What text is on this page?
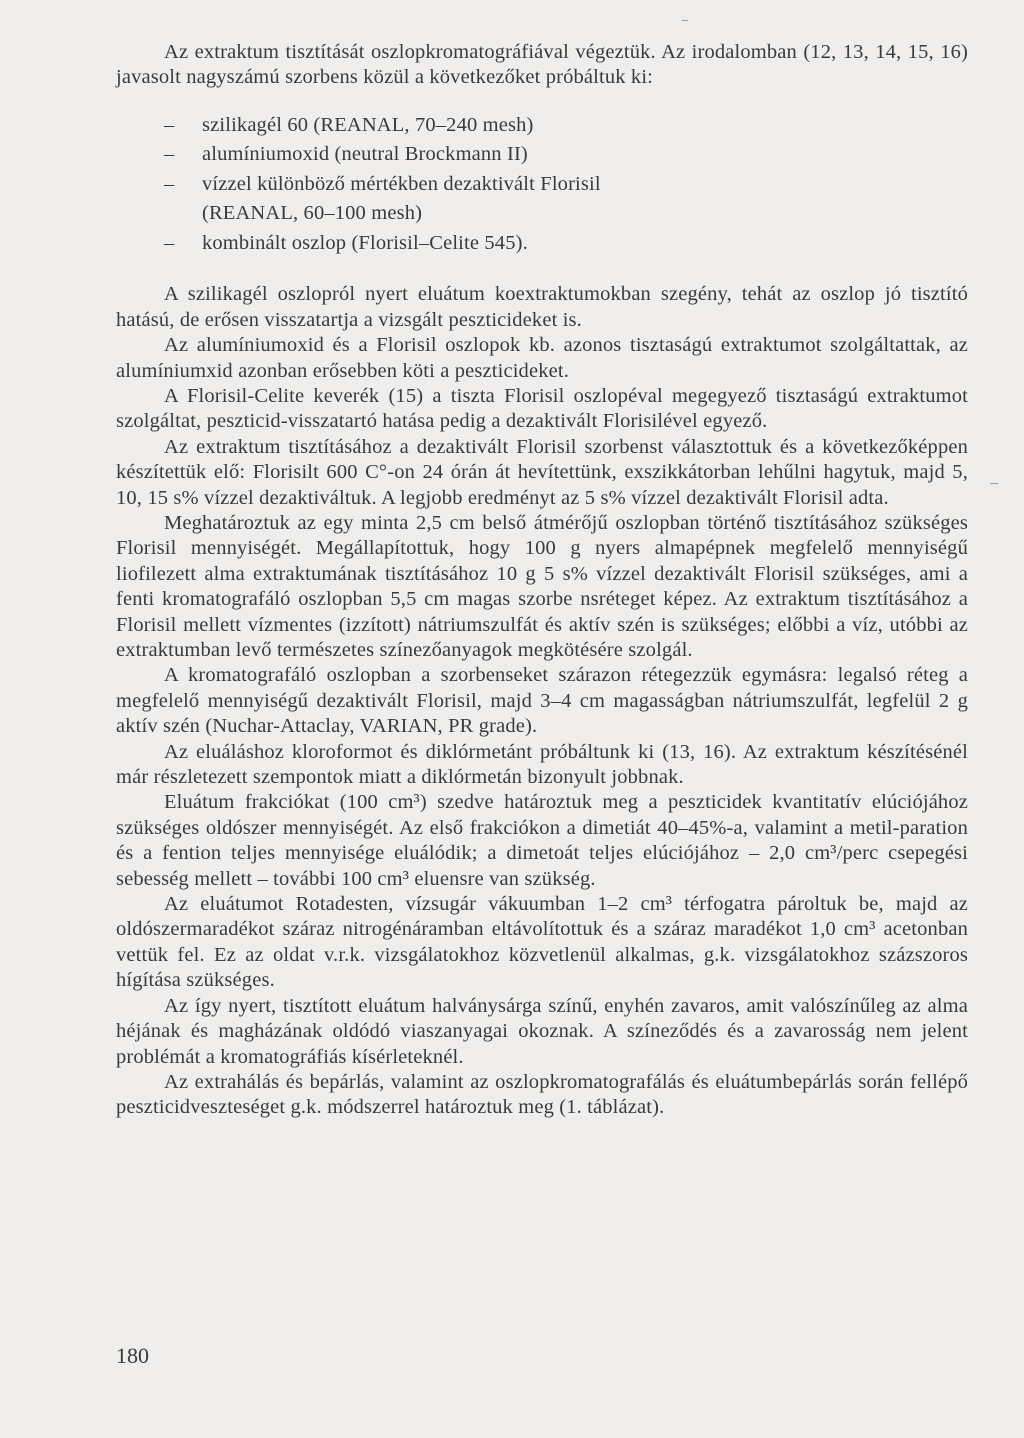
Az extraktum tisztítását oszlopkromatográfiával végeztük. Az irodalomban (12, 13, 14, 15, 16) javasolt nagyszámú szorbens közül a következőket próbáltuk ki:

– szilikagél 60 (REANAL, 70–240 mesh)
– alumíniumoxid (neutral Brockmann II)
– vízzel különböző mértékben dezaktivált Florisil
(REANAL, 60–100 mesh)
– kombinált oszlop (Florisil–Celite 545).

A szilikagél oszlopról nyert eluátum koextraktumokban szegény, tehát az oszlop jó tisztító hatású, de erősen visszatartja a vizsgált peszticideket is.

Az alumíniumoxid és a Florisil oszlopok kb. azonos tisztaságú extraktumot szolgáltattak, az alumíniumxid azonban erősebben köti a peszticideket.

A Florisil-Celite keverék (15) a tiszta Florisil oszlopéval megegyező tisztaságú extraktumot szolgáltat, peszticid-visszatartó hatása pedig a dezaktivált Florisilével egyező.

Az extraktum tisztításához a dezaktivált Florisil szorbenst választottuk és a következőképpen készítettük elő: Florisilt 600 C°-on 24 órán át hevítettünk, exszikkátorban lehűlni hagytuk, majd 5, 10, 15 s% vízzel dezaktiváltuk. A legjobb eredményt az 5 s% vízzel dezaktivált Florisil adta.

Meghatároztuk az egy minta 2,5 cm belső átmérőjű oszlopban történő tisztításához szükséges Florisil mennyiségét. Megállapítottuk, hogy 100 g nyers almapépnek megfelelő mennyiségű liofilezett alma extraktumának tisztításához 10 g 5 s% vízzel dezaktivált Florisil szükséges, ami a fenti kromatografáló oszlopban 5,5 cm magas szorbe nsréteget képez. Az extraktum tisztításához a Florisil mellett vízmentes (izzított) nátriumszulfát és aktív szén is szükséges; előbbi a víz, utóbbi az extraktumban levő természetes színezőanyagok megkötésére szolgál.

A kromatografáló oszlopban a szorbenseket szárazon rétegezzük egymásra: legalsó réteg a megfelelő mennyiségű dezaktivált Florisil, majd 3–4 cm magasságban nátriumszulfát, legfelül 2 g aktív szén (Nuchar-Attaclay, VARIAN, PR grade).

Az eluáláshoz kloroformot és diklórmetánt próbáltunk ki (13, 16). Az extraktum készítésénél már részletezett szempontok miatt a diklórmetán bizonyult jobbnak.

Eluátum frakciókat (100 cm³) szedve határoztuk meg a peszticidek kvantitatív elúciójához szükséges oldószer mennyiségét. Az első frakciókon a dimetiát 40–45%-a, valamint a metil-paration és a fention teljes mennyisége eluálódik; a dimetoát teljes elúciójához – 2,0 cm³/perc csepegési sebesség mellett – további 100 cm³ eluensre van szükség.

Az eluátumot Rotadesten, vízsugár vákuumban 1–2 cm³ térfogatra pároltuk be, majd az oldószermaradékot száraz nitrogénáramban eltávolítottuk és a száraz maradékot 1,0 cm³ acetonban vettük fel. Ez az oldat v.r.k. vizsgálatokhoz közvetlenül alkalmas, g.k. vizsgálatokhoz százszoros hígítása szükséges.

Az így nyert, tisztított eluátum halványsárga színű, enyhén zavaros, amit valószínűleg az alma héjának és magházának oldódó viaszanyagai okoznak. A színeződés és a zavarosság nem jelent problémát a kromatográfiás kísérleteknél.

Az extrahálás és bepárlás, valamint az oszlopkromatografálás és eluátumbepárlás során fellépő peszticidveszteséget g.k. módszerrel határoztuk meg (1. táblázat).

180
